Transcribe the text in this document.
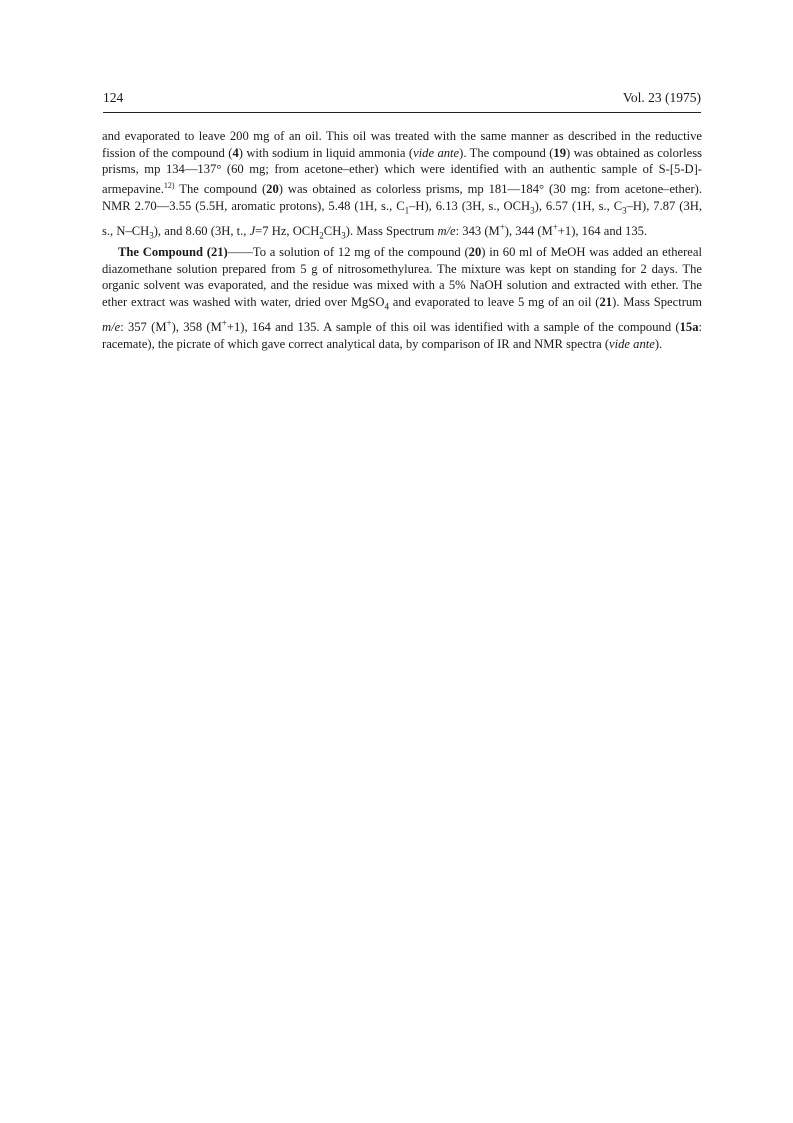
124	Vol. 23 (1975)

and evaporated to leave 200 mg of an oil. This oil was treated with the same manner as described in the reductive fission of the compound (4) with sodium in liquid ammonia (vide ante). The compound (19) was obtained as colorless prisms, mp 134—137° (60 mg; from acetone–ether) which were identified with an authentic sample of S-[5-D]-armepavine.$^{12)}$ The compound (20) was obtained as colorless prisms, mp 181—184° (30 mg: from acetone–ether). NMR 2.70—3.55 (5.5H, aromatic protons), 5.48 (1H, s., $C_1-H$), 6.13 (3H, s., $OCH_3$), 6.57 (1H, s., $C_3-H$), 7.87 (3H, s., $N-CH_3$), and 8.60 (3H, t., J=7 Hz, $OCH_2CH_3$). Mass Spectrum m/e: 343 (M+), 344 (M++1), 164 and 135.

The Compound (21)——To a solution of 12 mg of the compound (20) in 60 ml of MeOH was added an ethereal diazomethane solution prepared from 5 g of nitrosomethylurea. The mixture was kept on standing for 2 days. The organic solvent was evaporated, and the residue was mixed with a 5% NaOH solution and extracted with ether. The ether extract was washed with water, dried over MgSO$_4$ and evaporated to leave 5 mg of an oil (21). Mass Spectrum m/e: 357 (M+), 358 (M++1), 164 and 135. A sample of this oil was identified with a sample of the compound (15a: racemate), the picrate of which gave correct analytical data, by comparison of IR and NMR spectra (vide ante).
